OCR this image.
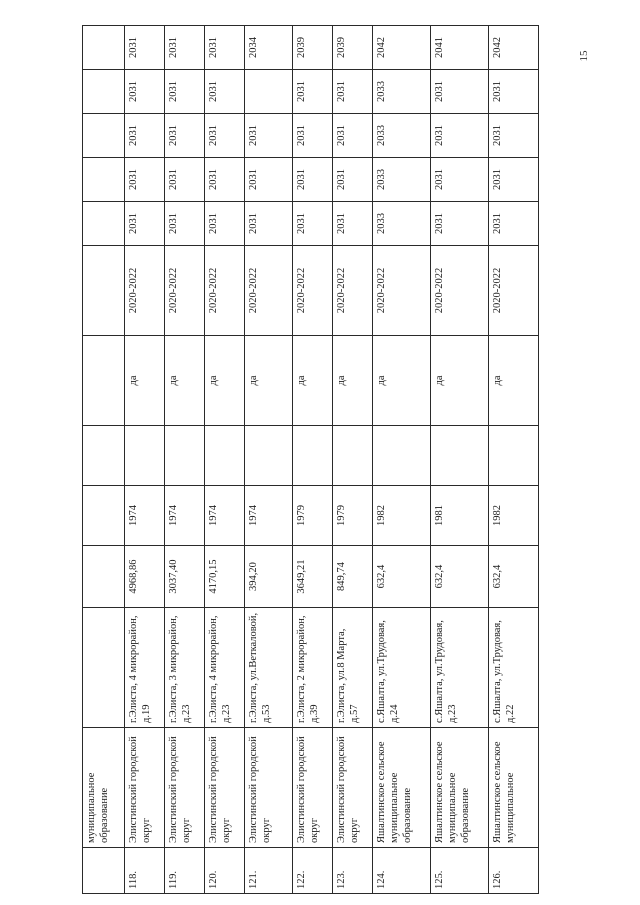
15
	муниципальное образование											
118.	Элистинский городской округ	г.Элиста, 4 микрорайон, д.19	4968,86	1974		да	2020-2022	2031	2031	2031	2031	2031
119.	Элистинский городской округ	г.Элиста, 3 микрорайон, д.23	3037,40	1974		да	2020-2022	2031	2031	2031	2031	2031
120.	Элистинский городской округ	г.Элиста, 4 микрорайон, д.23	4170,15	1974		да	2020-2022	2031	2031	2031	2031	2031
121.	Элистинский городской округ	г.Элиста, ул.Веткаловой, д.53	394,20	1974		да	2020-2022	2031	2031	2031		2034
122.	Элистинский городской округ	г.Элиста, 2 микрорайон, д.39	3649,21	1979		да	2020-2022	2031	2031	2031	2031	2039
123.	Элистинский городской округ	г.Элиста, ул.8 Марта, д.57	849,74	1979		да	2020-2022	2031	2031	2031	2031	2039
124.	Яшалтинское сельское муниципальное образование	с.Яшалта, ул.Трудовая, д.24	632,4	1982		да	2020-2022	2033	2033	2033	2033	2042
125.	Яшалтинское сельское муниципальное образование	с.Яшалта, ул.Трудовая, д.23	632,4	1981		да	2020-2022	2031	2031	2031	2031	2041
126.	Яшалтинское сельское муниципальное	с.Яшалта, ул.Трудовая, д.22	632,4	1982		да	2020-2022	2031	2031	2031	2031	2042
